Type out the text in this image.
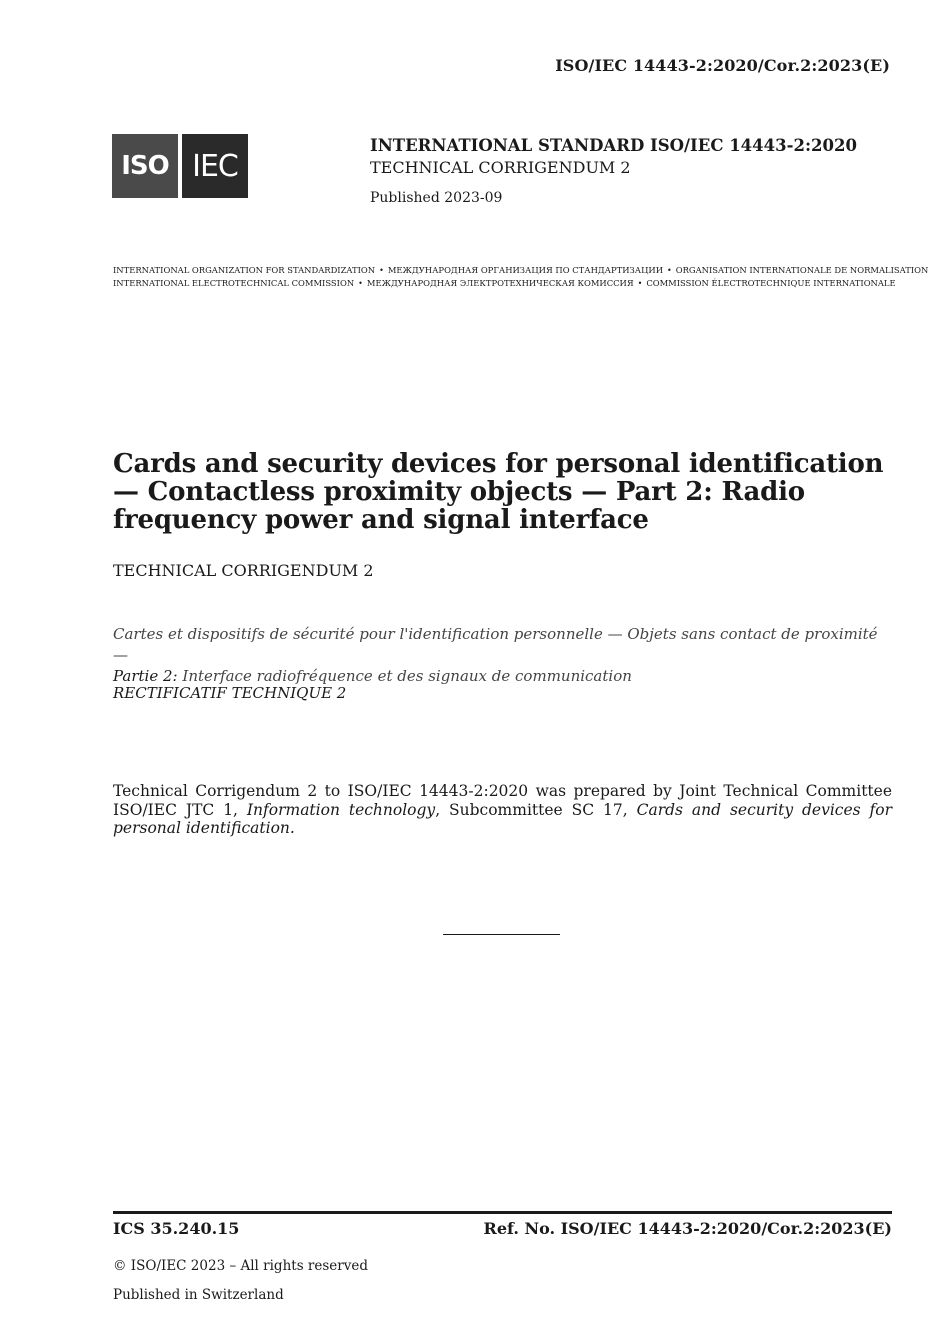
ISO/IEC 14443-2:2020/Cor.2:2023(E)
ISO IEC
INTERNATIONAL STANDARD ISO/IEC 14443-2:2020
TECHNICAL CORRIGENDUM 2
Published 2023-09
INTERNATIONAL ORGANIZATION FOR STANDARDIZATION • МЕЖДУНАРОДНАЯ ОРГАНИЗАЦИЯ ПО СТАНДАРТИЗАЦИИ • ORGANISATION INTERNATIONALE DE NORMALISATION
INTERNATIONAL ELECTROTECHNICAL COMMISSION • МЕЖДУНАРОДНАЯ ЭЛЕКТРОТЕХНИЧЕСКАЯ КОМИССИЯ • COMMISSION ÉLECTROTECHNIQUE INTERNATIONALE
Cards and security devices for personal identification — Contactless proximity objects — Part 2: Radio frequency power and signal interface
TECHNICAL CORRIGENDUM 2
Cartes et dispositifs de sécurité pour l'identification personnelle — Objets sans contact de proximité —
Partie 2: Interface radiofréquence et des signaux de communication
RECTIFICATIF TECHNIQUE 2
Technical Corrigendum 2 to ISO/IEC 14443-2:2020 was prepared by Joint Technical Committee ISO/IEC JTC 1, Information technology, Subcommittee SC 17, Cards and security devices for personal identification.
ICS 35.240.15	Ref. No. ISO/IEC 14443-2:2020/Cor.2:2023(E)
© ISO/IEC 2023 – All rights reserved
Published in Switzerland
